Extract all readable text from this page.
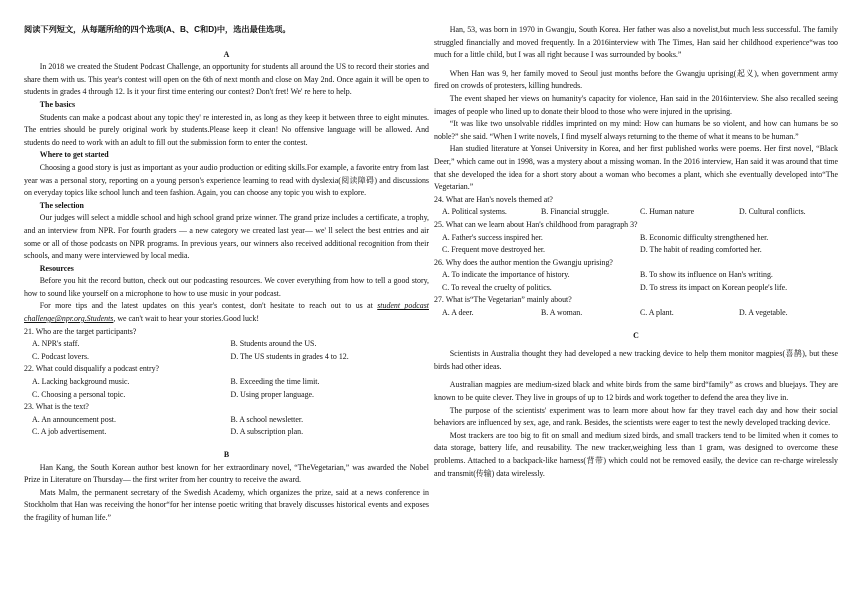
阅读下列短文，从每题所给的四个选项(A、B、C和D)中，选出最佳选项。

A

In 2018 we created the Student Podcast Challenge, an opportunity for students all around the US to record their stories and share them with us. This year's contest will open on the 6th of next month and close on May 2nd. Once again it will be open to students in grades 4 through 12. Is it your first time entering our contest? Don't fret! We' re here to help.

The basics

Students can make a podcast about any topic they' re interested in, as long as they keep it between three to eight minutes. The entries should be purely original work by students.Please keep it clean! No offensive language will be allowed. And students do need to work with an adult to fill out the submission form to enter the contest.

Where to get started

Choosing a good story is just as important as your audio production or editing skills.For example, a favorite entry from last year was a personal story, reporting on a young person's experience learning to read with dyslexia(阅读障碍) and discussions on everyday topics like school lunch and teen fashion. Again, you can choose any topic you wish to explore.

The selection

Our judges will select a middle school and high school grand prize winner. The grand prize includes a certificate, a trophy, and an interview from NPR. For fourth graders — a new category we created last year— we' ll select the best entries and air some or all of those podcasts on NPR programs. In previous years, our winners also received additional recognition from their schools, and many were interviewed by local media.

Resources

Before you hit the record button, check out our podcasting resources. We cover everything from how to tell a good story, how to sound like yourself on a microphone to how to use music in your podcast.

For more tips and the latest updates on this year's contest, don't hesitate to reach out to us at student podcast challenge@npr.org.Students, we can't wait to hear your stories.Good luck!

21. Who are the target participants?

A. NPR's staff.	B. Students around the US.
C. Podcast lovers.	D. The US students in grades 4 to 12.

22. What could disqualify a podcast entry?

A. Lacking background music.	B. Exceeding the time limit.
C. Choosing a personal topic.	D. Using proper language.

23. What is the text?

A. An announcement post.	B. A school newsletter.
C. A job advertisement.	D. A subscription plan.

B

Han Kang, the South Korean author best known for her extraordinary novel, “TheVegetarian,” was awarded the Nobel Prize in Literature on Thursday— the first writer from her country to receive the award.

Mats Malm, the permanent secretary of the Swedish Academy, which organizes the prize, said at a news conference in Stockholm that Han was receiving the honor“for her intense poetic writing that bravely discusses historical events and exposes the fragility of human life.”

Han, 53, was born in 1970 in Gwangju, South Korea. Her father was also a novelist,but much less successful. The family struggled financially and moved frequently. In a 2016interview with The Times, Han said her childhood experience“was too much for a little child, but I was all right because I was surrounded by books.”

When Han was 9, her family moved to Seoul just months before the Gwangju uprising(起义), when government army fired on crowds of protesters, killing hundreds.

The event shaped her views on humanity's capacity for violence, Han said in the 2016interview. She also recalled seeing images of people who lined up to donate their blood to those who were injured in the uprising.

“It was like two unsolvable riddles imprinted on my mind: How can humans be so violent, and how can humans be so noble?” she said. “When I write novels, I find myself always returning to the theme of what it means to be human.”

Han studied literature at Yonsei University in Korea, and her first published works were poems. Her first novel, “Black Deer,” which came out in 1998, was a mystery about a missing woman. In the 2016 interview, Han said it was around that time that she developed the idea for a short story about a woman who becomes a plant, which she eventually developed into“The Vegetarian.”

24. What are Han's novels themed at?

A. Political systems.	B. Financial struggle.	C. Human nature	D. Cultural conflicts.

25. What can we learn about Han's childhood from paragraph 3?

A. Father's success inspired her.	B. Economic difficulty strengthened her.
C. Frequent move destroyed her.	D. The habit of reading comforted her.

26. Why does the author mention the Gwangju uprising?

A. To indicate the importance of history.	B. To show its influence on Han's writing.
C. To reveal the cruelty of politics.	D. To stress its impact on Korean people's life.

27. What is“The Vegetarian” mainly about?

A. A deer.	B. A woman.	C. A plant.	D. A vegetable.

C

Scientists in Australia thought they had developed a new tracking device to help them monitor magpies(喜鹊), but these birds had other ideas.

Australian magpies are medium-sized black and white birds from the same bird“family” as crows and bluejays. They are known to be quite clever. They live in groups of up to 12 birds and work together to defend the area they live in.

The purpose of the scientists' experiment was to learn more about how far they travel each day and how their social behaviors are influenced by sex, age, and rank. Besides, the scientists were eager to test the newly developed tracking device.

Most trackers are too big to fit on small and medium sized birds, and small trackers tend to be limited when it comes to data storage, battery life, and reusability. The new tracker,weighing less than 1 gram, was designed to overcome these problems. Attached to a backpack-like harness(背带) which could not be removed easily, the device can re-charge wirelessly and transmit(传输) data wirelessly.
